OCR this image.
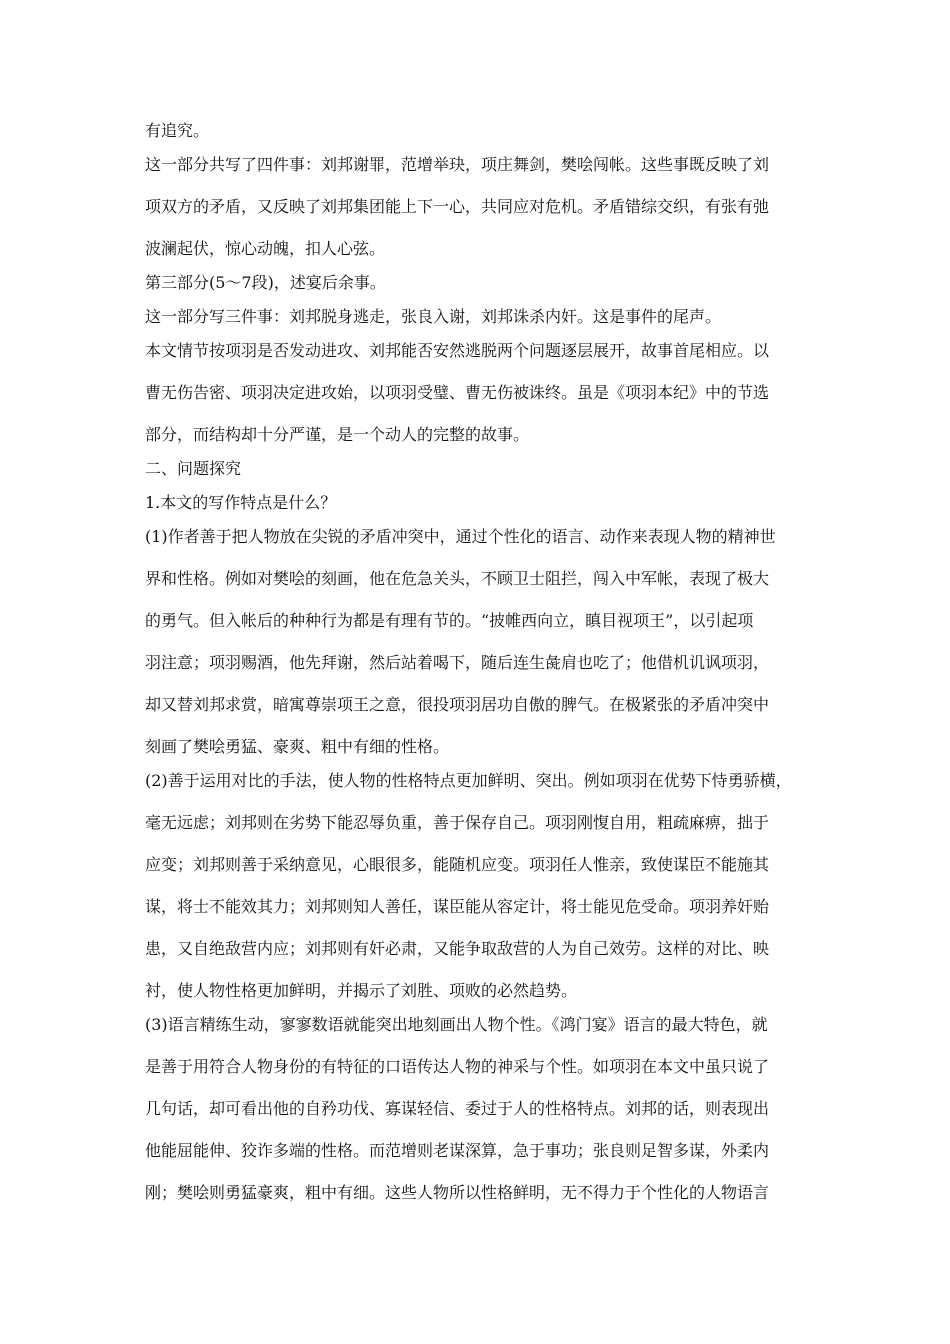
有追究。
这一部分共写了四件事：刘邦谢罪，范增举玦，项庄舞剑，樊哙闯帐。这些事既反映了刘
项双方的矛盾，又反映了刘邦集团能上下一心，共同应对危机。矛盾错综交织，有张有弛
波澜起伏，惊心动魄，扣人心弦。
第三部分(5～7段)，述宴后余事。
这一部分写三件事：刘邦脱身逃走，张良入谢，刘邦诛杀内奸。这是事件的尾声。
本文情节按项羽是否发动进攻、刘邦能否安然逃脱两个问题逐层展开，故事首尾相应。以
曹无伤告密、项羽决定进攻始，以项羽受璧、曹无伤被诛终。虽是《项羽本纪》中的节选
部分，而结构却十分严谨，是一个动人的完整的故事。
二、问题探究
1.本文的写作特点是什么？
(1)作者善于把人物放在尖锐的矛盾冲突中，通过个性化的语言、动作来表现人物的精神世
界和性格。例如对樊哙的刻画，他在危急关头，不顾卫士阻拦，闯入中军帐，表现了极大
的勇气。但入帐后的种种行为都是有理有节的。“披帷西向立，瞋目视项王”，以引起项
羽注意；项羽赐酒，他先拜谢，然后站着喝下，随后连生彘肩也吃了；他借机讥讽项羽，
却又替刘邦求赏，暗寓尊崇项王之意，很投项羽居功自傲的脾气。在极紧张的矛盾冲突中
刻画了樊哙勇猛、豪爽、粗中有细的性格。
(2)善于运用对比的手法，使人物的性格特点更加鲜明、突出。例如项羽在优势下恃勇骄横，
毫无远虑；刘邦则在劣势下能忍辱负重，善于保存自己。项羽刚愎自用，粗疏麻痹，拙于
应变；刘邦则善于采纳意见，心眼很多，能随机应变。项羽任人惟亲，致使谋臣不能施其
谋，将士不能效其力；刘邦则知人善任，谋臣能从容定计，将士能见危受命。项羽养奸贻
患，又自绝敌营内应；刘邦则有奸必肃，又能争取敌营的人为自己效劳。这样的对比、映
衬，使人物性格更加鲜明，并揭示了刘胜、项败的必然趋势。
(3)语言精练生动，寥寥数语就能突出地刻画出人物个性。《鸿门宴》语言的最大特色，就
是善于用符合人物身份的有特征的口语传达人物的神采与个性。如项羽在本文中虽只说了
几句话，却可看出他的自矜功伐、寡谋轻信、委过于人的性格特点。刘邦的话，则表现出
他能屈能伸、狡诈多端的性格。而范增则老谋深算，急于事功；张良则足智多谋，外柔内
刚；樊哙则勇猛豪爽，粗中有细。这些人物所以性格鲜明，无不得力于个性化的人物语言
